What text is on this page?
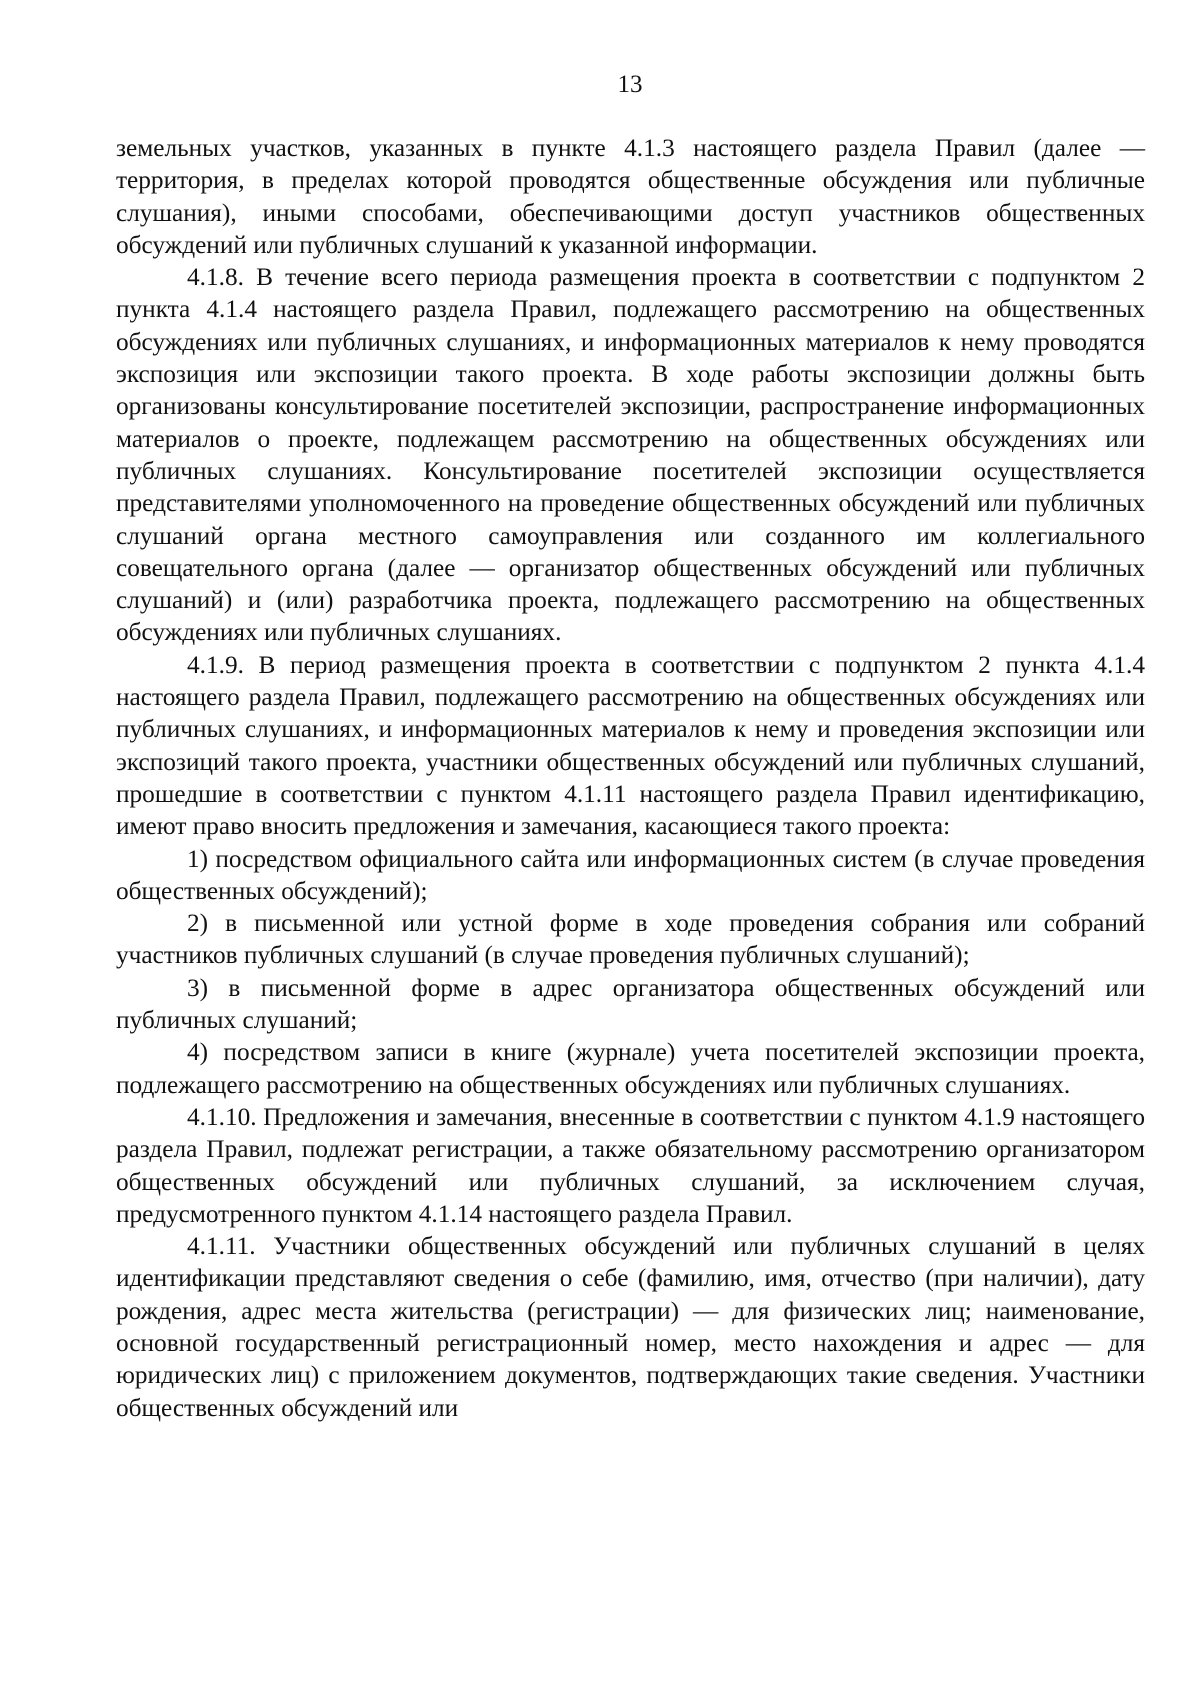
13

земельных участков, указанных в пункте 4.1.3 настоящего раздела Правил (далее — территория, в пределах которой проводятся общественные обсуждения или публичные слушания), иными способами, обеспечивающими доступ участников общественных обсуждений или публичных слушаний к указанной информации.

4.1.8. В течение всего периода размещения проекта в соответствии с подпунктом 2 пункта 4.1.4 настоящего раздела Правил, подлежащего рассмотрению на общественных обсуждениях или публичных слушаниях, и информационных материалов к нему проводятся экспозиция или экспозиции такого проекта. В ходе работы экспозиции должны быть организованы консультирование посетителей экспозиции, распространение информационных материалов о проекте, подлежащем рассмотрению на общественных обсуждениях или публичных слушаниях. Консультирование посетителей экспозиции осуществляется представителями уполномоченного на проведение общественных обсуждений или публичных слушаний органа местного самоуправления или созданного им коллегиального совещательного органа (далее — организатор общественных обсуждений или публичных слушаний) и (или) разработчика проекта, подлежащего рассмотрению на общественных обсуждениях или публичных слушаниях.

4.1.9. В период размещения проекта в соответствии с подпунктом 2 пункта 4.1.4 настоящего раздела Правил, подлежащего рассмотрению на общественных обсуждениях или публичных слушаниях, и информационных материалов к нему и проведения экспозиции или экспозиций такого проекта, участники общественных обсуждений или публичных слушаний, прошедшие в соответствии с пунктом 4.1.11 настоящего раздела Правил идентификацию, имеют право вносить предложения и замечания, касающиеся такого проекта:

1) посредством официального сайта или информационных систем (в случае проведения общественных обсуждений);

2) в письменной или устной форме в ходе проведения собрания или собраний участников публичных слушаний (в случае проведения публичных слушаний);

3) в письменной форме в адрес организатора общественных обсуждений или публичных слушаний;

4) посредством записи в книге (журнале) учета посетителей экспозиции проекта, подлежащего рассмотрению на общественных обсуждениях или публичных слушаниях.

4.1.10. Предложения и замечания, внесенные в соответствии с пунктом 4.1.9 настоящего раздела Правил, подлежат регистрации, а также обязательному рассмотрению организатором общественных обсуждений или публичных слушаний, за исключением случая, предусмотренного пунктом 4.1.14 настоящего раздела Правил.

4.1.11. Участники общественных обсуждений или публичных слушаний в целях идентификации представляют сведения о себе (фамилию, имя, отчество (при наличии), дату рождения, адрес места жительства (регистрации) — для физических лиц; наименование, основной государственный регистрационный номер, место нахождения и адрес — для юридических лиц) с приложением документов, подтверждающих такие сведения. Участники общественных обсуждений или
